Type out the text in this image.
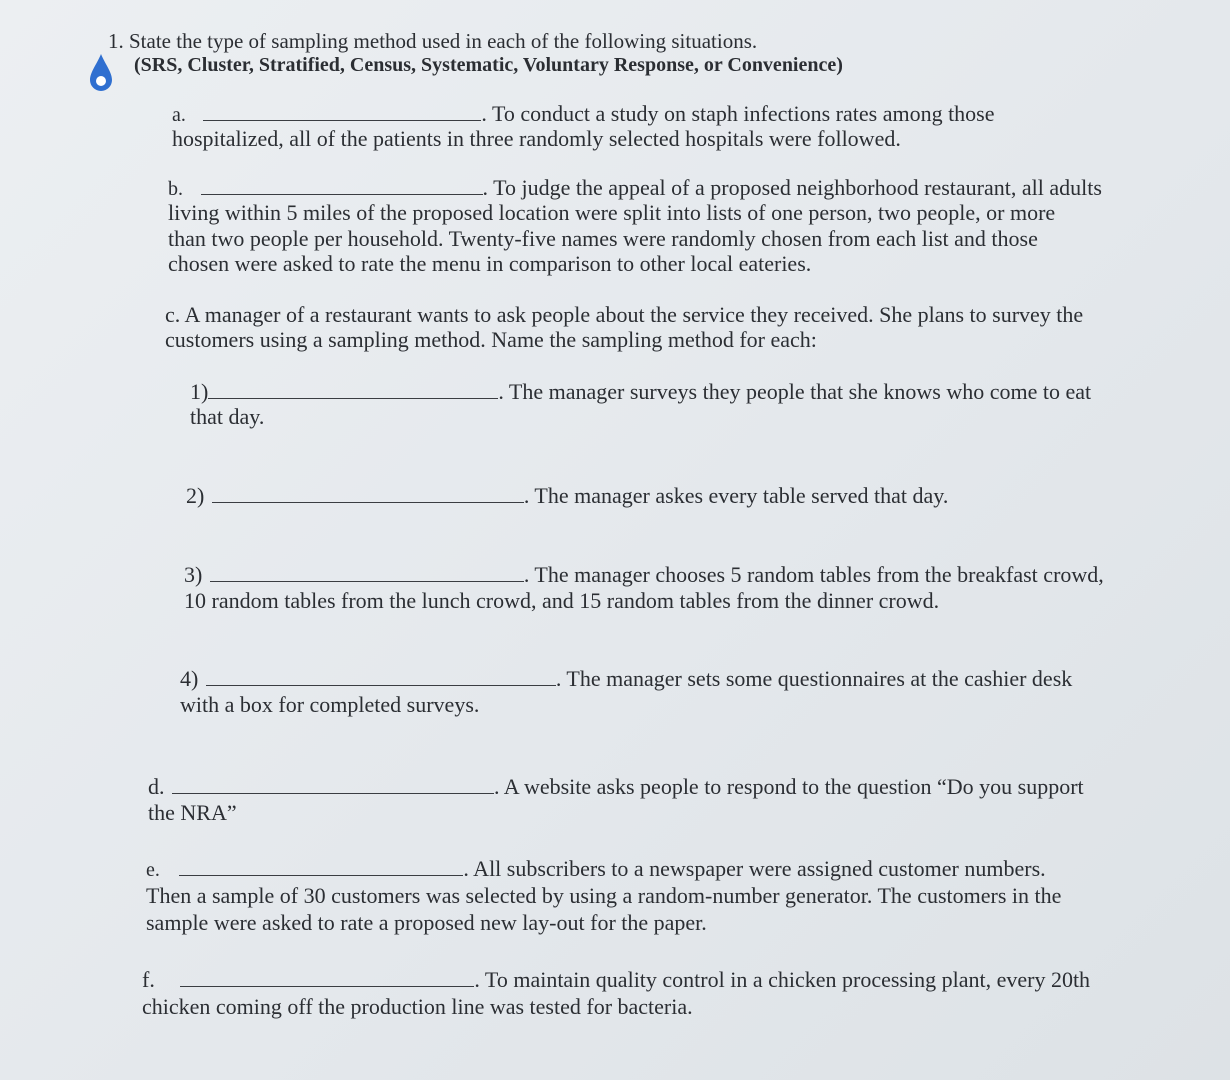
1. State the type of sampling method used in each of the following situations.
(SRS, Cluster, Stratified, Census, Systematic, Voluntary Response, or Convenience)
a.	. To conduct a study on staph infections rates among those
hospitalized, all of the patients in three randomly selected hospitals were followed.
b.	. To judge the appeal of a proposed neighborhood restaurant, all adults
living within 5 miles of the proposed location were split into lists of one person, two people, or more
than two people per household. Twenty-five names were randomly chosen from each list and those
chosen were asked to rate the menu in comparison to other local eateries.
c. A manager of a restaurant wants to ask people about the service they received. She plans to survey the
customers using a sampling method. Name the sampling method for each:
1)	. The manager surveys they people that she knows who come to eat
that day.
2)	. The manager askes every table served that day.
3)	. The manager chooses 5 random tables from the breakfast crowd,
10 random tables from the lunch crowd, and 15 random tables from the dinner crowd.
4)	. The manager sets some questionnaires at the cashier desk
with a box for completed surveys.
d.	. A website asks people to respond to the question “Do you support
the NRA”
e.	. All subscribers to a newspaper were assigned customer numbers.
Then a sample of 30 customers was selected by using a random-number generator. The customers in the
sample were asked to rate a proposed new lay-out for the paper.
f.	. To maintain quality control in a chicken processing plant, every 20th
chicken coming off the production line was tested for bacteria.
